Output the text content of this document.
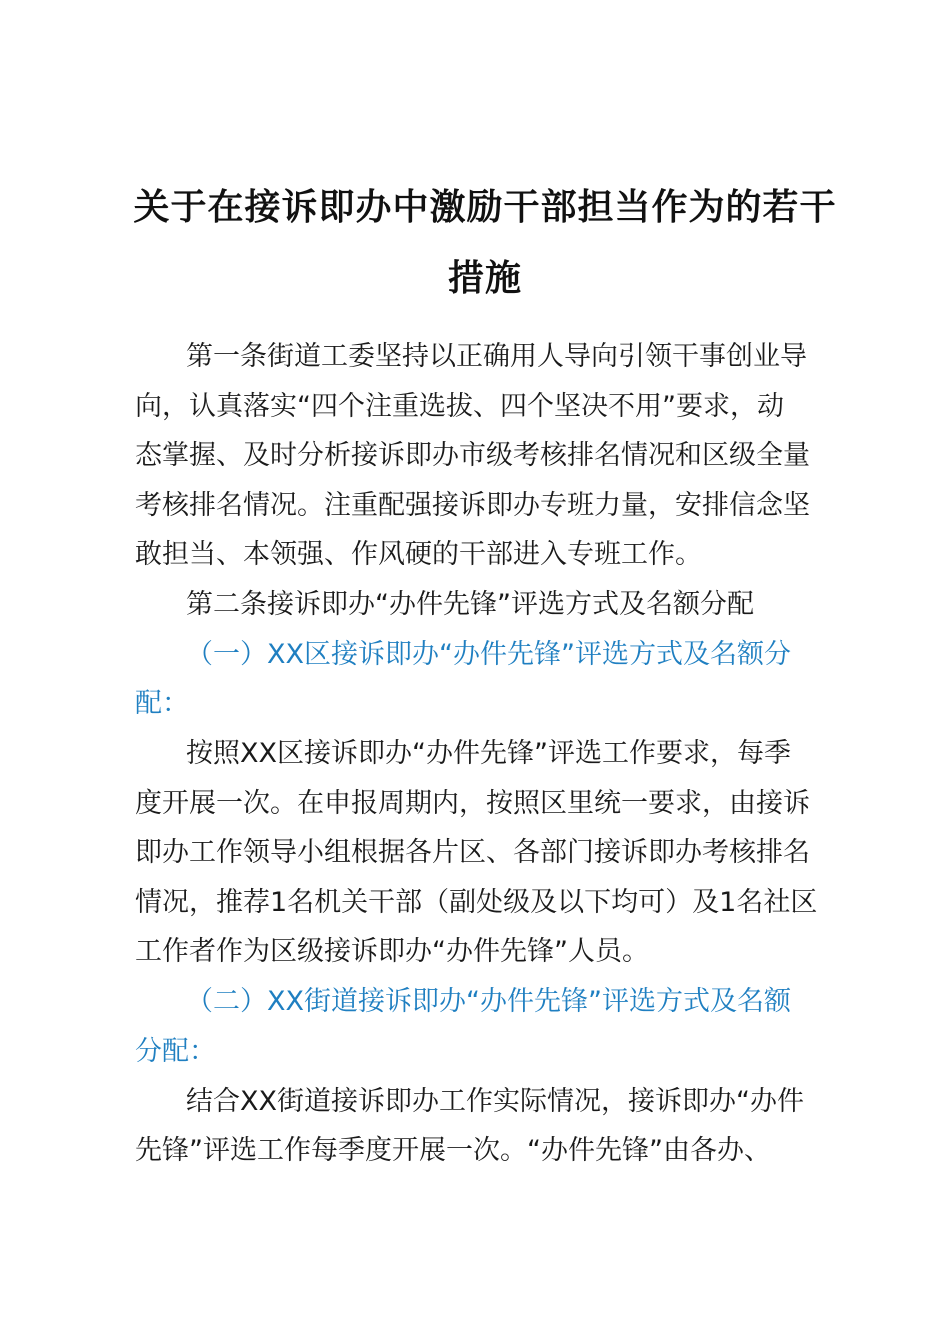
关于在接诉即办中激励干部担当作为的若干
措施
第一条街道工委坚持以正确用人导向引领干事创业导
向，认真落实“四个注重选拔、四个坚决不用”要求，动
态掌握、及时分析接诉即办市级考核排名情况和区级全量
考核排名情况。注重配强接诉即办专班力量，安排信念坚
敢担当、本领强、作风硬的干部进入专班工作。
第二条接诉即办“办件先锋”评选方式及名额分配
（一）XX区接诉即办“办件先锋”评选方式及名额分
配：
按照XX区接诉即办“办件先锋”评选工作要求，每季
度开展一次。在申报周期内，按照区里统一要求，由接诉
即办工作领导小组根据各片区、各部门接诉即办考核排名
情况，推荐1名机关干部（副处级及以下均可）及1名社区
工作者作为区级接诉即办“办件先锋”人员。
（二）XX街道接诉即办“办件先锋”评选方式及名额
分配：
结合XX街道接诉即办工作实际情况，接诉即办“办件
先锋”评选工作每季度开展一次。“办件先锋”由各办、
